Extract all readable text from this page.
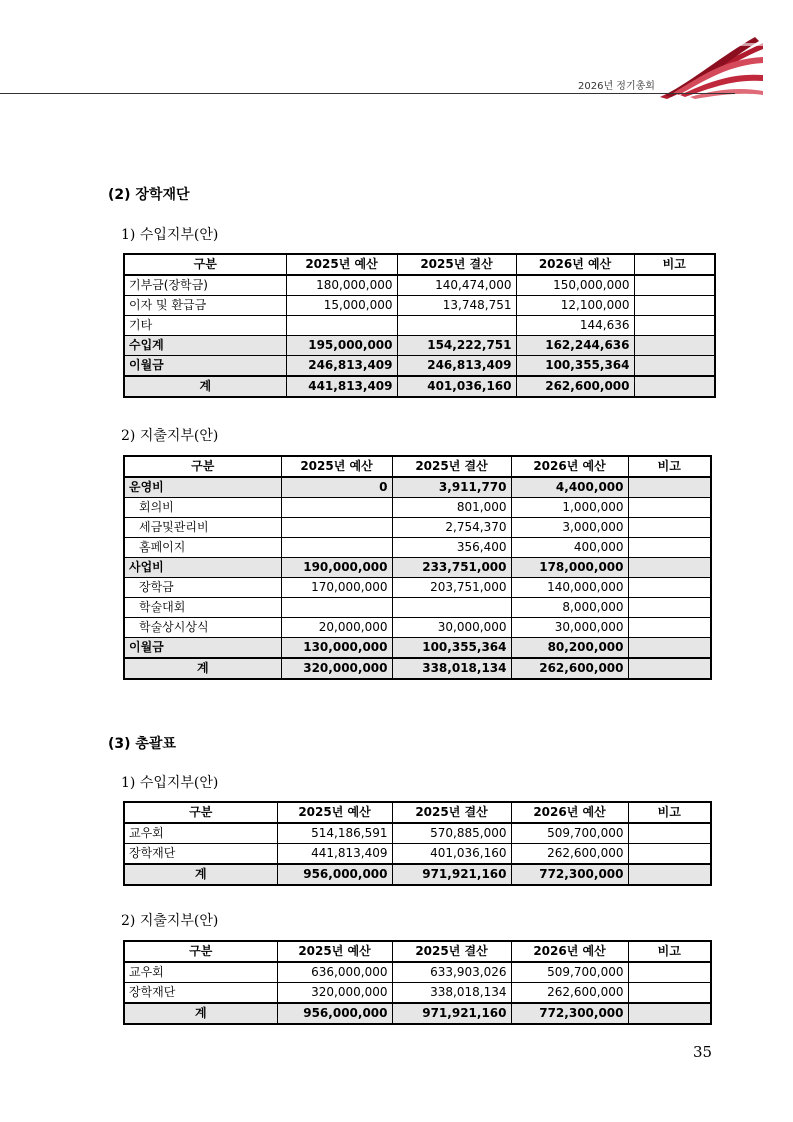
2026년 정기총회
(2) 장학재단
1) 수입지부(안)
구분	2025년 예산	2025년 결산	2026년 예산	비고
기부금(장학금)	180,000,000	140,474,000	150,000,000	
이자 및 환급금	15,000,000	13,748,751	12,100,000	
기타			144,636	
수입계	195,000,000	154,222,751	162,244,636	
이월금	246,813,409	246,813,409	100,355,364	
계	441,813,409	401,036,160	262,600,000	
2) 지출지부(안)
구분	2025년 예산	2025년 결산	2026년 예산	비고
운영비	0	3,911,770	4,400,000	
회의비		801,000	1,000,000	
세금및관리비		2,754,370	3,000,000	
홈페이지		356,400	400,000	
사업비	190,000,000	233,751,000	178,000,000	
장학금	170,000,000	203,751,000	140,000,000	
학술대회			8,000,000	
학술상시상식	20,000,000	30,000,000	30,000,000	
이월금	130,000,000	100,355,364	80,200,000	
계	320,000,000	338,018,134	262,600,000	
(3) 총괄표
1) 수입지부(안)
구분	2025년 예산	2025년 결산	2026년 예산	비고
교우회	514,186,591	570,885,000	509,700,000	
장학재단	441,813,409	401,036,160	262,600,000	
계	956,000,000	971,921,160	772,300,000	
2) 지출지부(안)
구분	2025년 예산	2025년 결산	2026년 예산	비고
교우회	636,000,000	633,903,026	509,700,000	
장학재단	320,000,000	338,018,134	262,600,000	
계	956,000,000	971,921,160	772,300,000	
35
